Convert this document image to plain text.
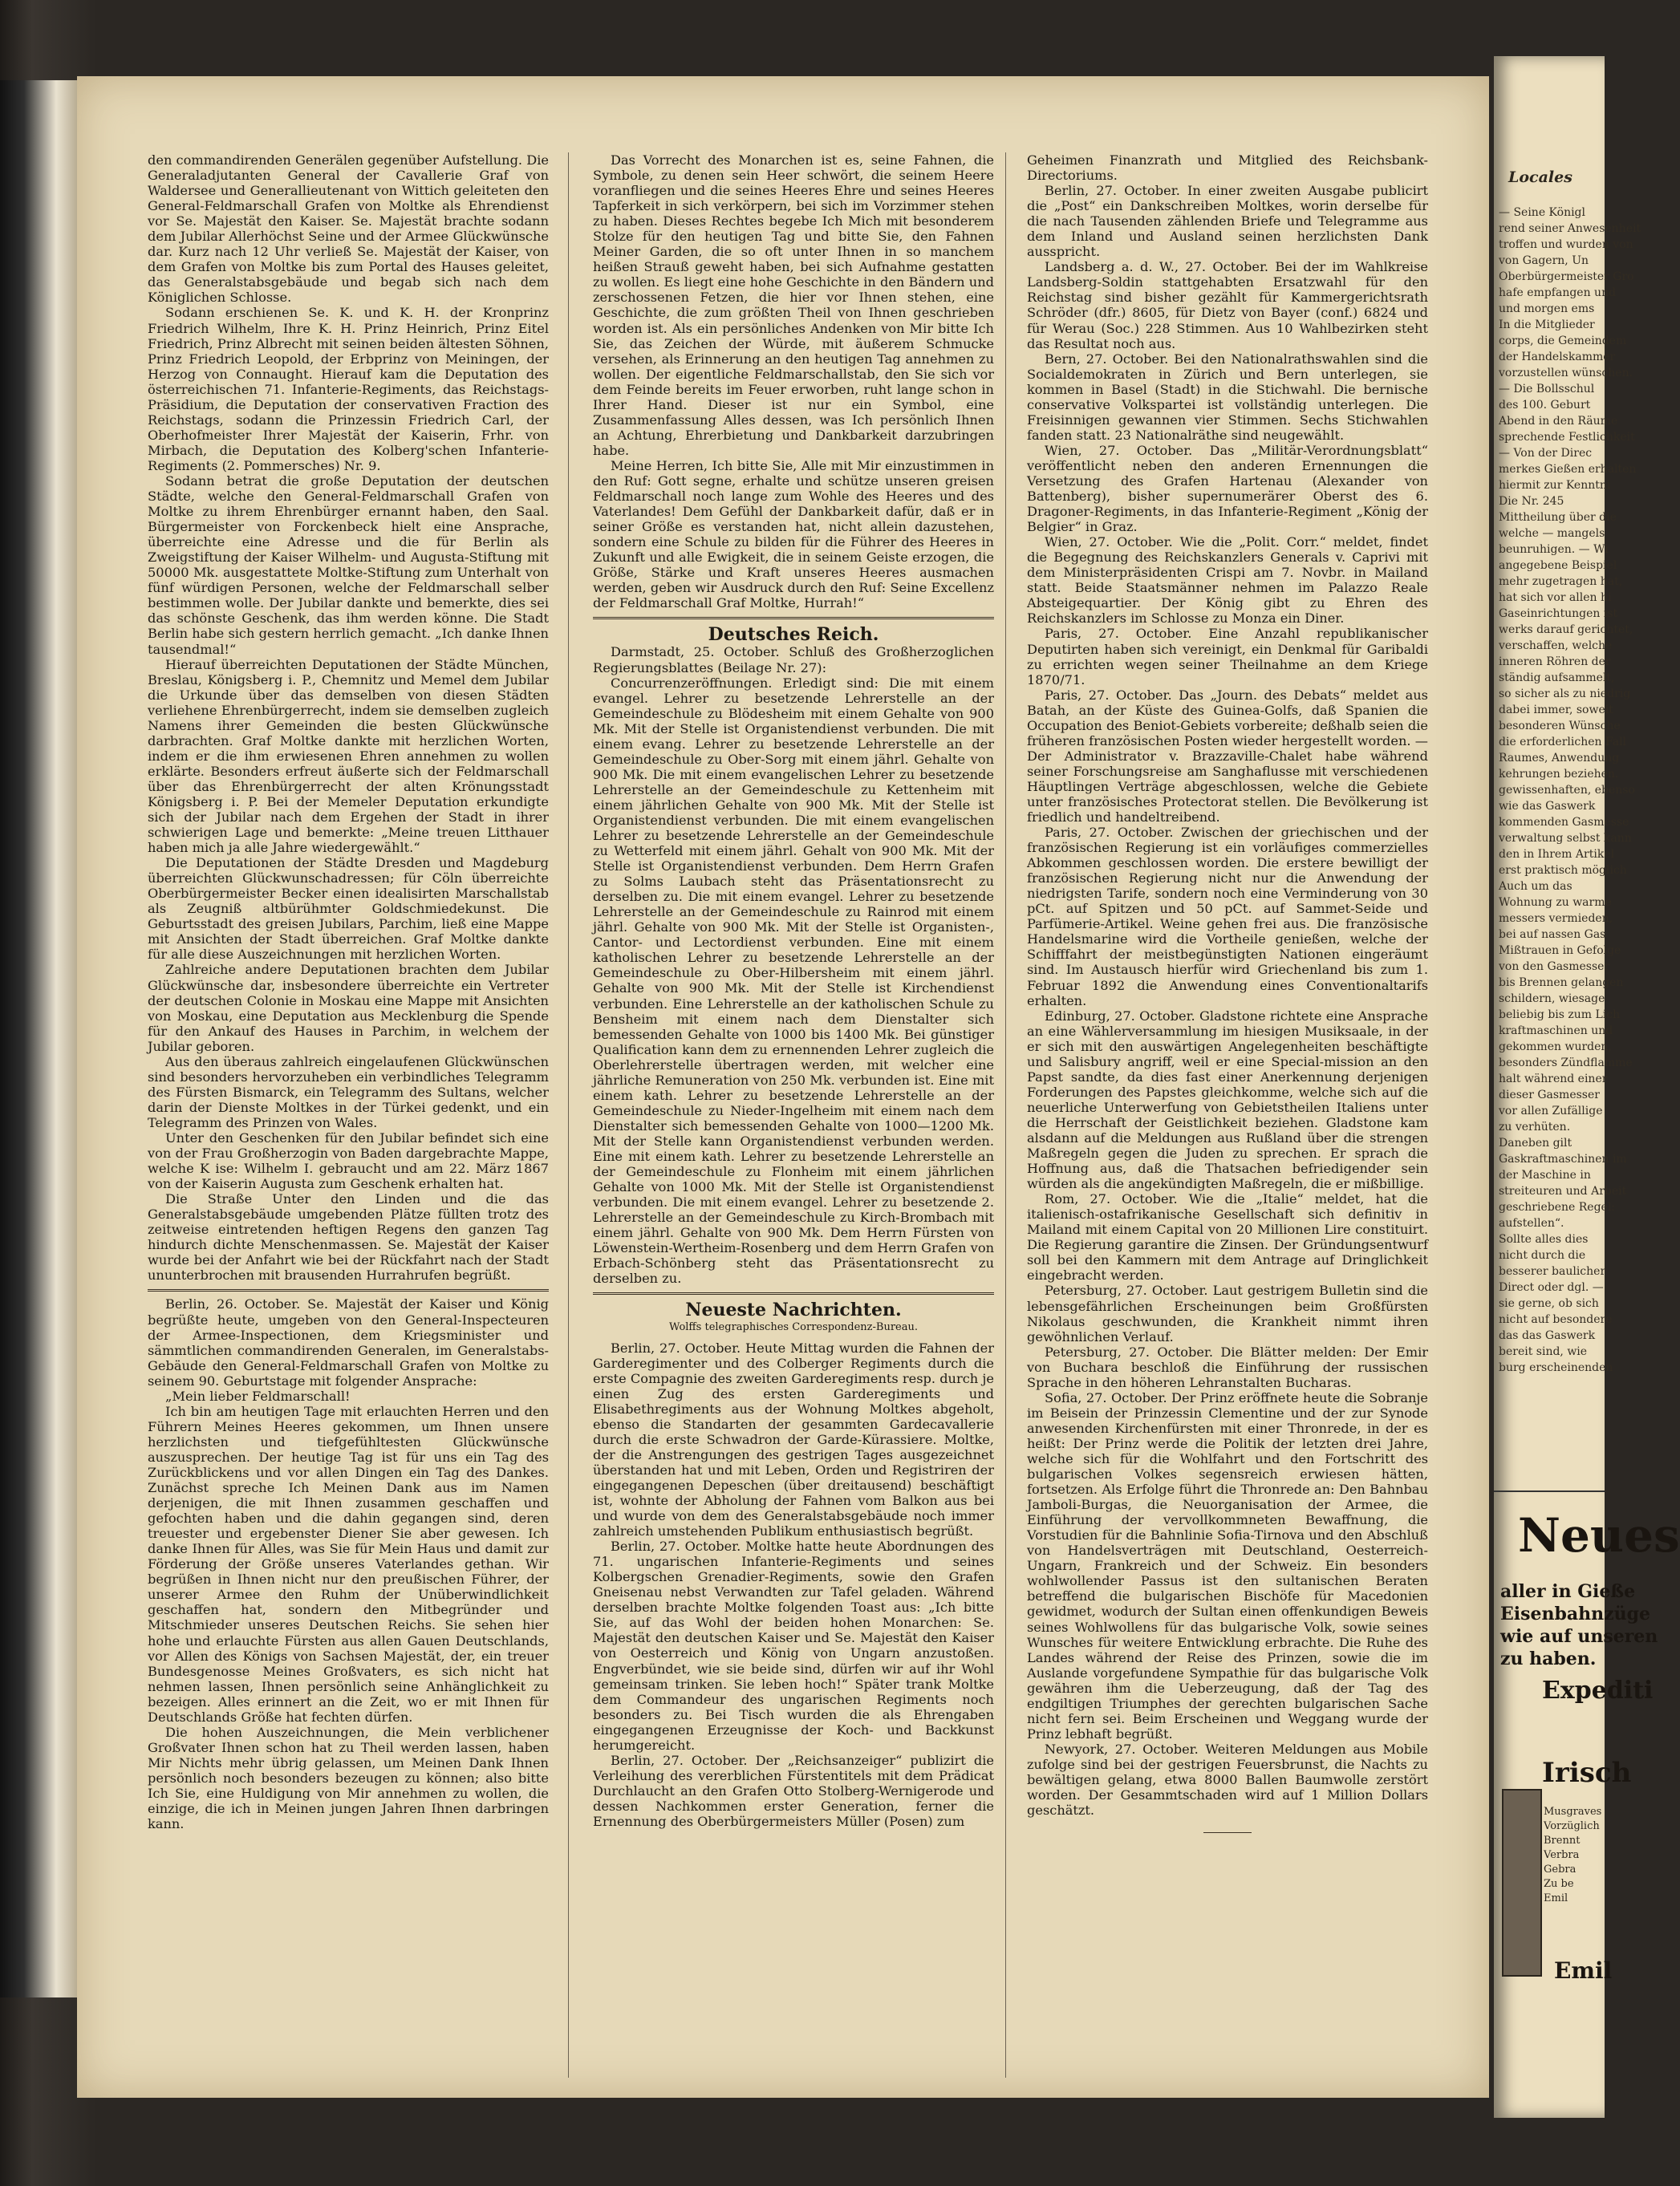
den commandirenden Generälen gegenüber Aufstellung. Die Generaladjutanten General der Cavallerie Graf von Waldersee und Generallieutenant von Wittich geleiteten den General-Feldmarschall Grafen von Moltke als Ehrendienst vor Se. Majestät den Kaiser. Se. Majestät brachte sodann dem Jubilar Allerhöchst Seine und der Armee Glückwünsche dar. Kurz nach 12 Uhr verließ Se. Majestät der Kaiser, von dem Grafen von Moltke bis zum Portal des Hauses geleitet, das Generalstabsgebäude und begab sich nach dem Königlichen Schlosse.

Sodann erschienen Se. K. und K. H. der Kronprinz Friedrich Wilhelm, Ihre K. H. Prinz Heinrich, Prinz Eitel Friedrich, Prinz Albrecht mit seinen beiden ältesten Söhnen, Prinz Friedrich Leopold, der Erbprinz von Meiningen, der Herzog von Connaught. Hierauf kam die Deputation des österreichischen 71. Infanterie-Regiments, das Reichstags-Präsidium, die Deputation der conservativen Fraction des Reichstags, sodann die Prinzessin Friedrich Carl, der Oberhofmeister Ihrer Majestät der Kaiserin, Frhr. von Mirbach, die Deputation des Kolberg'schen Infanterie-Regiments (2. Pommersches) Nr. 9.

Sodann betrat die große Deputation der deutschen Städte, welche den General-Feldmarschall Grafen von Moltke zu ihrem Ehrenbürger ernannt haben, den Saal. Bürgermeister von Forckenbeck hielt eine Ansprache, überreichte eine Adresse und die für Berlin als Zweigstiftung der Kaiser Wilhelm- und Augusta-Stiftung mit 50000 Mk. ausgestattete Moltke-Stiftung zum Unterhalt von fünf würdigen Personen, welche der Feldmarschall selber bestimmen wolle. Der Jubilar dankte und bemerkte, dies sei das schönste Geschenk, das ihm werden könne. Die Stadt Berlin habe sich gestern herrlich gemacht. „Ich danke Ihnen tausendmal!“

Hierauf überreichten Deputationen der Städte München, Breslau, Königsberg i. P., Chemnitz und Memel dem Jubilar die Urkunde über das demselben von diesen Städten verliehene Ehrenbürgerrecht, indem sie demselben zugleich Namens ihrer Gemeinden die besten Glückwünsche darbrachten. Graf Moltke dankte mit herzlichen Worten, indem er die ihm erwiesenen Ehren annehmen zu wollen erklärte. Besonders erfreut äußerte sich der Feldmarschall über das Ehrenbürgerrecht der alten Krönungsstadt Königsberg i. P. Bei der Memeler Deputation erkundigte sich der Jubilar nach dem Ergehen der Stadt in ihrer schwierigen Lage und bemerkte: „Meine treuen Litthauer haben mich ja alle Jahre wiedergewählt.“

Die Deputationen der Städte Dresden und Magdeburg überreichten Glückwunschadressen; für Cöln überreichte Oberbürgermeister Becker einen idealisirten Marschallstab als Zeugniß altbürühmter Goldschmiedekunst. Die Geburtsstadt des greisen Jubilars, Parchim, ließ eine Mappe mit Ansichten der Stadt überreichen. Graf Moltke dankte für alle diese Auszeichnungen mit herzlichen Worten.

Zahlreiche andere Deputationen brachten dem Jubilar Glückwünsche dar, insbesondere überreichte ein Vertreter der deutschen Colonie in Moskau eine Mappe mit Ansichten von Moskau, eine Deputation aus Mecklenburg die Spende für den Ankauf des Hauses in Parchim, in welchem der Jubilar geboren.

Aus den überaus zahlreich eingelaufenen Glückwünschen sind besonders hervorzuheben ein verbindliches Telegramm des Fürsten Bismarck, ein Telegramm des Sultans, welcher darin der Dienste Moltkes in der Türkei gedenkt, und ein Telegramm des Prinzen von Wales.

Unter den Geschenken für den Jubilar befindet sich eine von der Frau Großherzogin von Baden dargebrachte Mappe, welche K ise: Wilhelm I. gebraucht und am 22. März 1867 von der Kaiserin Augusta zum Geschenk erhalten hat.

Die Straße Unter den Linden und die das Generalstabsgebäude umgebenden Plätze füllten trotz des zeitweise eintretenden heftigen Regens den ganzen Tag hindurch dichte Menschenmassen. Se. Majestät der Kaiser wurde bei der Anfahrt wie bei der Rückfahrt nach der Stadt ununterbrochen mit brausenden Hurrahrufen begrüßt.

Berlin, 26. October. Se. Majestät der Kaiser und König begrüßte heute, umgeben von den General-Inspecteuren der Armee-Inspectionen, dem Kriegsminister und sämmtlichen commandirenden Generalen, im Generalstabs-Gebäude den General-Feldmarschall Grafen von Moltke zu seinem 90. Geburtstage mit folgender Ansprache:

„Mein lieber Feldmarschall!

Ich bin am heutigen Tage mit erlauchten Herren und den Führern Meines Heeres gekommen, um Ihnen unsere herzlichsten und tiefgefühltesten Glückwünsche auszusprechen. Der heutige Tag ist für uns ein Tag des Zurückblickens und vor allen Dingen ein Tag des Dankes. Zunächst spreche Ich Meinen Dank aus im Namen derjenigen, die mit Ihnen zusammen geschaffen und gefochten haben und die dahin gegangen sind, deren treuester und ergebenster Diener Sie aber gewesen. Ich danke Ihnen für Alles, was Sie für Mein Haus und damit zur Förderung der Größe unseres Vaterlandes gethan. Wir begrüßen in Ihnen nicht nur den preußischen Führer, der unserer Armee den Ruhm der Unüberwindlichkeit geschaffen hat, sondern den Mitbegründer und Mitschmieder unseres Deutschen Reichs. Sie sehen hier hohe und erlauchte Fürsten aus allen Gauen Deutschlands, vor Allen des Königs von Sachsen Majestät, der, ein treuer Bundesgenosse Meines Großvaters, es sich nicht hat nehmen lassen, Ihnen persönlich seine Anhänglichkeit zu bezeigen. Alles erinnert an die Zeit, wo er mit Ihnen für Deutschlands Größe hat fechten dürfen.

Die hohen Auszeichnungen, die Mein verblichener Großvater Ihnen schon hat zu Theil werden lassen, haben Mir Nichts mehr übrig gelassen, um Meinen Dank Ihnen persönlich noch besonders bezeugen zu können; also bitte Ich Sie, eine Huldigung von Mir annehmen zu wollen, die einzige, die ich in Meinen jungen Jahren Ihnen darbringen kann.

Das Vorrecht des Monarchen ist es, seine Fahnen, die Symbole, zu denen sein Heer schwört, die seinem Heere voranfliegen und die seines Heeres Ehre und seines Heeres Tapferkeit in sich verkörpern, bei sich im Vorzimmer stehen zu haben. Dieses Rechtes begebe Ich Mich mit besonderem Stolze für den heutigen Tag und bitte Sie, den Fahnen Meiner Garden, die so oft unter Ihnen in so manchem heißen Strauß geweht haben, bei sich Aufnahme gestatten zu wollen. Es liegt eine hohe Geschichte in den Bändern und zerschossenen Fetzen, die hier vor Ihnen stehen, eine Geschichte, die zum größten Theil von Ihnen geschrieben worden ist. Als ein persönliches Andenken von Mir bitte Ich Sie, das Zeichen der Würde, mit äußerem Schmucke versehen, als Erinnerung an den heutigen Tag annehmen zu wollen. Der eigentliche Feldmarschallstab, den Sie sich vor dem Feinde bereits im Feuer erworben, ruht lange schon in Ihrer Hand. Dieser ist nur ein Symbol, eine Zusammenfassung Alles dessen, was Ich persönlich Ihnen an Achtung, Ehrerbietung und Dankbarkeit darzubringen habe.

Meine Herren, Ich bitte Sie, Alle mit Mir einzustimmen in den Ruf: Gott segne, erhalte und schütze unseren greisen Feldmarschall noch lange zum Wohle des Heeres und des Vaterlandes! Dem Gefühl der Dankbarkeit dafür, daß er in seiner Größe es verstanden hat, nicht allein dazustehen, sondern eine Schule zu bilden für die Führer des Heeres in Zukunft und alle Ewigkeit, die in seinem Geiste erzogen, die Größe, Stärke und Kraft unseres Heeres ausmachen werden, geben wir Ausdruck durch den Ruf: Seine Excellenz der Feldmarschall Graf Moltke, Hurrah!“

Deutsches Reich.

Darmstadt, 25. October. Schluß des Großherzoglichen Regierungsblattes (Beilage Nr. 27):

Concurrenzeröffnungen. Erledigt sind: Die mit einem evangel. Lehrer zu besetzende Lehrerstelle an der Gemeindeschule zu Blödesheim mit einem Gehalte von 900 Mk. Mit der Stelle ist Organistendienst verbunden. Die mit einem evang. Lehrer zu besetzende Lehrerstelle an der Gemeindeschule zu Ober-Sorg mit einem jährl. Gehalte von 900 Mk. Die mit einem evangelischen Lehrer zu besetzende Lehrerstelle an der Gemeindeschule zu Kettenheim mit einem jährlichen Gehalte von 900 Mk. Mit der Stelle ist Organistendienst verbunden. Die mit einem evangelischen Lehrer zu besetzende Lehrerstelle an der Gemeindeschule zu Wetterfeld mit einem jährl. Gehalt von 900 Mk. Mit der Stelle ist Organistendienst verbunden. Dem Herrn Grafen zu Solms Laubach steht das Präsentationsrecht zu derselben zu. Die mit einem evangel. Lehrer zu besetzende Lehrerstelle an der Gemeindeschule zu Rainrod mit einem jährl. Gehalte von 900 Mk. Mit der Stelle ist Organisten-, Cantor- und Lectordienst verbunden. Eine mit einem katholischen Lehrer zu besetzende Lehrerstelle an der Gemeindeschule zu Ober-Hilbersheim mit einem jährl. Gehalte von 900 Mk. Mit der Stelle ist Kirchendienst verbunden. Eine Lehrerstelle an der katholischen Schule zu Bensheim mit einem nach dem Dienstalter sich bemessenden Gehalte von 1000 bis 1400 Mk. Bei günstiger Qualification kann dem zu ernennenden Lehrer zugleich die Oberlehrerstelle übertragen werden, mit welcher eine jährliche Remuneration von 250 Mk. verbunden ist. Eine mit einem kath. Lehrer zu besetzende Lehrerstelle an der Gemeindeschule zu Nieder-Ingelheim mit einem nach dem Dienstalter sich bemessenden Gehalte von 1000—1200 Mk. Mit der Stelle kann Organistendienst verbunden werden. Eine mit einem kath. Lehrer zu besetzende Lehrerstelle an der Gemeindeschule zu Flonheim mit einem jährlichen Gehalte von 1000 Mk. Mit der Stelle ist Organistendienst verbunden. Die mit einem evangel. Lehrer zu besetzende 2. Lehrerstelle an der Gemeindeschule zu Kirch-Brombach mit einem jährl. Gehalte von 900 Mk. Dem Herrn Fürsten von Löwenstein-Wertheim-Rosenberg und dem Herrn Grafen von Erbach-Schönberg steht das Präsentationsrecht zu derselben zu.

Neueste Nachrichten.
Wolffs telegraphisches Correspondenz-Bureau.

Berlin, 27. October. Heute Mittag wurden die Fahnen der Garderegimenter und des Colberger Regiments durch die erste Compagnie des zweiten Garderegiments resp. durch je einen Zug des ersten Garderegiments und Elisabethregiments aus der Wohnung Moltkes abgeholt, ebenso die Standarten der gesammten Gardecavallerie durch die erste Schwadron der Garde-Kürassiere. Moltke, der die Anstrengungen des gestrigen Tages ausgezeichnet überstanden hat und mit Leben, Orden und Registriren der eingegangenen Depeschen (über dreitausend) beschäftigt ist, wohnte der Abholung der Fahnen vom Balkon aus bei und wurde von dem des Generalstabsgebäude noch immer zahlreich umstehenden Publikum enthusiastisch begrüßt.

Berlin, 27. October. Moltke hatte heute Abordnungen des 71. ungarischen Infanterie-Regiments und seines Kolbergschen Grenadier-Regiments, sowie den Grafen Gneisenau nebst Verwandten zur Tafel geladen. Während derselben brachte Moltke folgenden Toast aus: „Ich bitte Sie, auf das Wohl der beiden hohen Monarchen: Se. Majestät den deutschen Kaiser und Se. Majestät den Kaiser von Oesterreich und König von Ungarn anzustoßen. Engverbündet, wie sie beide sind, dürfen wir auf ihr Wohl gemeinsam trinken. Sie leben hoch!“ Später trank Moltke dem Commandeur des ungarischen Regiments noch besonders zu. Bei Tisch wurden die als Ehrengaben eingegangenen Erzeugnisse der Koch- und Backkunst herumgereicht.

Berlin, 27. October. Der „Reichsanzeiger“ publizirt die Verleihung des vererblichen Fürstentitels mit dem Prädicat Durchlaucht an den Grafen Otto Stolberg-Wernigerode und dessen Nachkommen erster Generation, ferner die Ernennung des Oberbürgermeisters Müller (Posen) zum

Geheimen Finanzrath und Mitglied des Reichsbank-Directoriums.

Berlin, 27. October. In einer zweiten Ausgabe publicirt die „Post“ ein Dankschreiben Moltkes, worin derselbe für die nach Tausenden zählenden Briefe und Telegramme aus dem Inland und Ausland seinen herzlichsten Dank ausspricht.

Landsberg a. d. W., 27. October. Bei der im Wahlkreise Landsberg-Soldin stattgehabten Ersatzwahl für den Reichstag sind bisher gezählt für Kammergerichtsrath Schröder (dfr.) 8605, für Dietz von Bayer (conf.) 6824 und für Werau (Soc.) 228 Stimmen. Aus 10 Wahlbezirken steht das Resultat noch aus.

Bern, 27. October. Bei den Nationalrathswahlen sind die Socialdemokraten in Zürich und Bern unterlegen, sie kommen in Basel (Stadt) in die Stichwahl. Die bernische conservative Volkspartei ist vollständig unterlegen. Die Freisinnigen gewannen vier Stimmen. Sechs Stichwahlen fanden statt. 23 Nationalräthe sind neugewählt.

Wien, 27. October. Das „Militär-Verordnungsblatt“ veröffentlicht neben den anderen Ernennungen die Versetzung des Grafen Hartenau (Alexander von Battenberg), bisher supernumerärer Oberst des 6. Dragoner-Regiments, in das Infanterie-Regiment „König der Belgier“ in Graz.

Wien, 27. October. Wie die „Polit. Corr.“ meldet, findet die Begegnung des Reichskanzlers Generals v. Caprivi mit dem Ministerpräsidenten Crispi am 7. Novbr. in Mailand statt. Beide Staatsmänner nehmen im Palazzo Reale Absteigequartier. Der König gibt zu Ehren des Reichskanzlers im Schlosse zu Monza ein Diner.

Paris, 27. October. Eine Anzahl republikanischer Deputirten haben sich vereinigt, ein Denkmal für Garibaldi zu errichten wegen seiner Theilnahme an dem Kriege 1870/71.

Paris, 27. October. Das „Journ. des Debats“ meldet aus Batah, an der Küste des Guinea-Golfs, daß Spanien die Occupation des Beniot-Gebiets vorbereite; deßhalb seien die früheren französischen Posten wieder hergestellt worden. — Der Administrator v. Brazzaville-Chalet habe während seiner Forschungsreise am Sanghaflusse mit verschiedenen Häuptlingen Verträge abgeschlossen, welche die Gebiete unter französisches Protectorat stellen. Die Bevölkerung ist friedlich und handeltreibend.

Paris, 27. October. Zwischen der griechischen und der französischen Regierung ist ein vorläufiges commerzielles Abkommen geschlossen worden. Die erstere bewilligt der französischen Regierung nicht nur die Anwendung der niedrigsten Tarife, sondern noch eine Verminderung von 30 pCt. auf Spitzen und 50 pCt. auf Sammet-Seide und Parfümerie-Artikel. Weine gehen frei aus. Die französische Handelsmarine wird die Vortheile genießen, welche der Schifffahrt der meistbegünstigten Nationen eingeräumt sind. Im Austausch hierfür wird Griechenland bis zum 1. Februar 1892 die Anwendung eines Conventionaltarifs erhalten.

Edinburg, 27. October. Gladstone richtete eine Ansprache an eine Wählerversammlung im hiesigen Musiksaale, in der er sich mit den auswärtigen Angelegenheiten beschäftigte und Salisbury angriff, weil er eine Special-mission an den Papst sandte, da dies fast einer Anerkennung derjenigen Forderungen des Papstes gleichkomme, welche sich auf die neuerliche Unterwerfung von Gebietstheilen Italiens unter die Herrschaft der Geistlichkeit beziehen. Gladstone kam alsdann auf die Meldungen aus Rußland über die strengen Maßregeln gegen die Juden zu sprechen. Er sprach die Hoffnung aus, daß die Thatsachen befriedigender sein würden als die angekündigten Maßregeln, die er mißbillige.

Rom, 27. October. Wie die „Italie“ meldet, hat die italienisch-ostafrikanische Gesellschaft sich definitiv in Mailand mit einem Capital von 20 Millionen Lire constituirt. Die Regierung garantire die Zinsen. Der Gründungsentwurf soll bei den Kammern mit dem Antrage auf Dringlichkeit eingebracht werden.

Petersburg, 27. October. Laut gestrigem Bulletin sind die lebensgefährlichen Erscheinungen beim Großfürsten Nikolaus geschwunden, die Krankheit nimmt ihren gewöhnlichen Verlauf.

Petersburg, 27. October. Die Blätter melden: Der Emir von Buchara beschloß die Einführung der russischen Sprache in den höheren Lehranstalten Bucharas.

Sofia, 27. October. Der Prinz eröffnete heute die Sobranje im Beisein der Prinzessin Clementine und der zur Synode anwesenden Kirchenfürsten mit einer Thronrede, in der es heißt: Der Prinz werde die Politik der letzten drei Jahre, welche sich für die Wohlfahrt und den Fortschritt des bulgarischen Volkes segensreich erwiesen hätten, fortsetzen. Als Erfolge führt die Thronrede an: Den Bahnbau Jamboli-Burgas, die Neuorganisation der Armee, die Einführung der vervollkommneten Bewaffnung, die Vorstudien für die Bahnlinie Sofia-Tirnova und den Abschluß von Handelsverträgen mit Deutschland, Oesterreich-Ungarn, Frankreich und der Schweiz. Ein besonders wohlwollender Passus ist den sultanischen Beraten betreffend die bulgarischen Bischöfe für Macedonien gewidmet, wodurch der Sultan einen offenkundigen Beweis seines Wohlwollens für das bulgarische Volk, sowie seines Wunsches für weitere Entwicklung erbrachte. Die Ruhe des Landes während der Reise des Prinzen, sowie die im Auslande vorgefundene Sympathie für das bulgarische Volk gewähren ihm die Ueberzeugung, daß der Tag des endgiltigen Triumphes der gerechten bulgarischen Sache nicht fern sei. Beim Erscheinen und Weggang wurde der Prinz lebhaft begrüßt.

Newyork, 27. October. Weiteren Meldungen aus Mobile zufolge sind bei der gestrigen Feuersbrunst, die Nachts zu bewältigen gelang, etwa 8000 Ballen Baumwolle zerstört worden. Der Gesammtschaden wird auf 1 Million Dollars geschätzt.

Locales
— Seine Königl
rend seiner Anwesenheit
troffen und wurden von
von Gagern, Un
Oberbürgermeister Gro
hafe empfangen und
und morgen ems
In die Mitglieder
corps, die Gemeindem
der Handelskammer
vorzustellen wünschen.
— Die Bollsschul
des 100. Geburt
Abend in den Räume
sprechende Festlichkeit
— Von der Direc
merkes Gießen erhalten
hiermit zur Kenntni
Die Nr. 245
Mittheilung über die
welche — mangels
beunruhigen. — Wi
angegebene Beispiel
mehr zugetragen hat,
hat sich vor allen hi
Gaseinrichtungen ist
werks darauf gerichtet,
verschaffen, welche
inneren Röhren der
ständig aufsammelt,
so sicher als zu niedrig
dabei immer, soweit
besonderen Wünsche
die erforderlichen Fall
Raumes, Anwendung
kehrungen beziehen.
gewissenhaften, ebenso
wie das Gaswerk
kommenden Gasmesse
verwaltung selbst kann
den in Ihrem Artikel
erst praktisch möglich
Auch um das
Wohnung zu warme
messers vermieden,
bei auf nassen Gas
Mißtrauen in Gefolge
von den Gasmesser
bis Brennen gelangen
schildern, wiesage
beliebig bis zum Lich
kraftmaschinen und
gekommen wurden,
besonders Zündflamme
halt während einer
dieser Gasmesser
vor allen Zufällige
zu verhüten.
Daneben gilt
Gaskraftmaschinen im
der Maschine in
streiteuren und Arbeit
geschriebene Regel:
aufstellen“.
Sollte alles dies
nicht durch die
besserer baulicher
Direct oder dgl. —
sie gerne, ob sich
nicht auf besondere
das das Gaswerk
bereit sind, wie
burg erscheinenden
Neues
aller in Gieße
Eisenbahnzüge
wie auf unseren
zu haben.
Expediti
Irisch
Musgraves
Vorzüglich
Brennt
Verbra
Gebra
Zu be
Emil
Emil
